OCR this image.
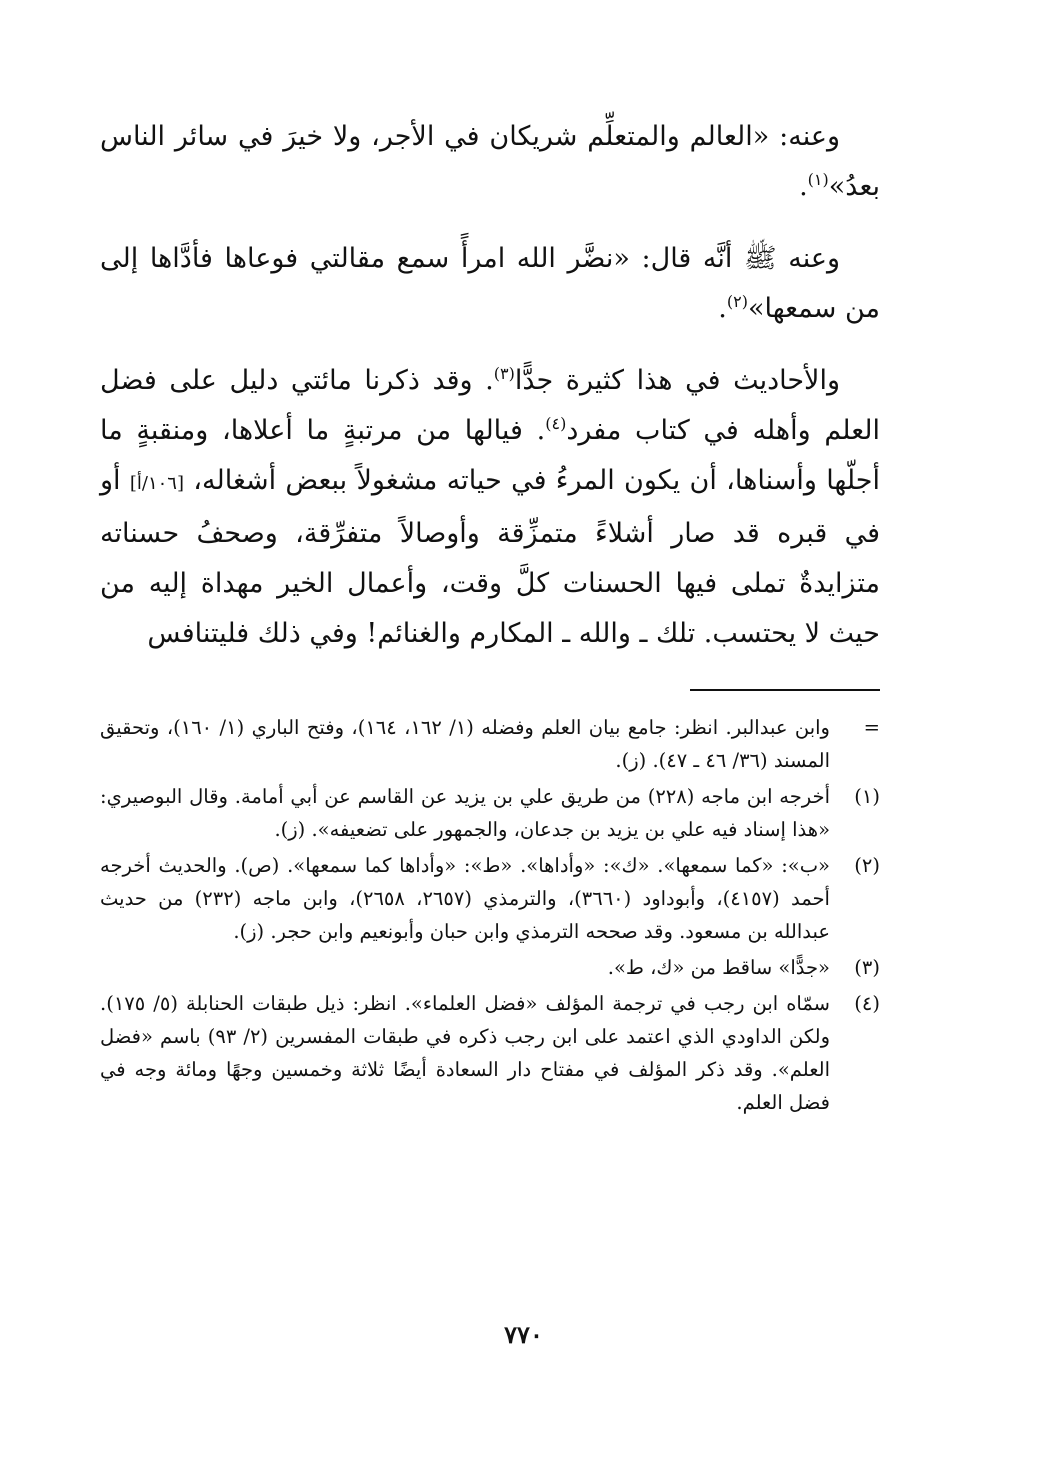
وعنه: «العالم والمتعلِّم شريكان في الأجر، ولا خيرَ في سائر الناس بعدُ»$^{(١)}$.

وعنه ﷺ أنَّه قال: «نضَّر الله امرأً سمع مقالتي فوعاها فأدَّاها إلى من سمعها»$^{(٢)}$.

والأحاديث في هذا كثيرة جدًّا$^{(٣)}$. وقد ذكرنا مائتي دليل على فضل العلم وأهله في كتاب مفرد$^{(٤)}$. فيالها من مرتبةٍ ما أعلاها، ومنقبةٍ ما أجلّها وأسناها، أن يكون المرءُ في حياته مشغولاً ببعض أشغاله، [١٠٦/أ] أو في قبره قد صار أشلاءً متمزِّقة وأوصالاً متفرِّقة، وصحفُ حسناته متزايدةٌ تملى فيها الحسنات كلَّ وقت، وأعمال الخير مهداة إليه من حيث لا يحتسب. تلك ـ والله ـ المكارم والغنائم! وفي ذلك فليتنافس

=
وابن عبدالبر. انظر: جامع بيان العلم وفضله (١/ ١٦٢، ١٦٤)، وفتح الباري (١/ ١٦٠)، وتحقيق المسند (٣٦/ ٤٦ ـ ٤٧). (ز).
(١)
أخرجه ابن ماجه (٢٢٨) من طريق علي بن يزيد عن القاسم عن أبي أمامة. وقال البوصيري: «هذا إسناد فيه علي بن يزيد بن جدعان، والجمهور على تضعيفه». (ز).
(٢)
«ب»: «كما سمعها». «ك»: «وأداها». «ط»: «وأداها كما سمعها». (ص). والحديث أخرجه أحمد (٤١٥٧)، وأبوداود (٣٦٦٠)، والترمذي (٢٦٥٧، ٢٦٥٨)، وابن ماجه (٢٣٢) من حديث عبدالله بن مسعود. وقد صححه الترمذي وابن حبان وأبونعيم وابن حجر. (ز).
(٣)
«جدًّا» ساقط من «ك، ط».
(٤)
سمّاه ابن رجب في ترجمة المؤلف «فضل العلماء». انظر: ذيل طبقات الحنابلة (٥/ ١٧٥). ولكن الداودي الذي اعتمد على ابن رجب ذكره في طبقات المفسرين (٢/ ٩٣) باسم «فضل العلم». وقد ذكر المؤلف في مفتاح دار السعادة أيضًا ثلاثة وخمسين وجهًا ومائة وجه في فضل العلم.
٧٧٠
